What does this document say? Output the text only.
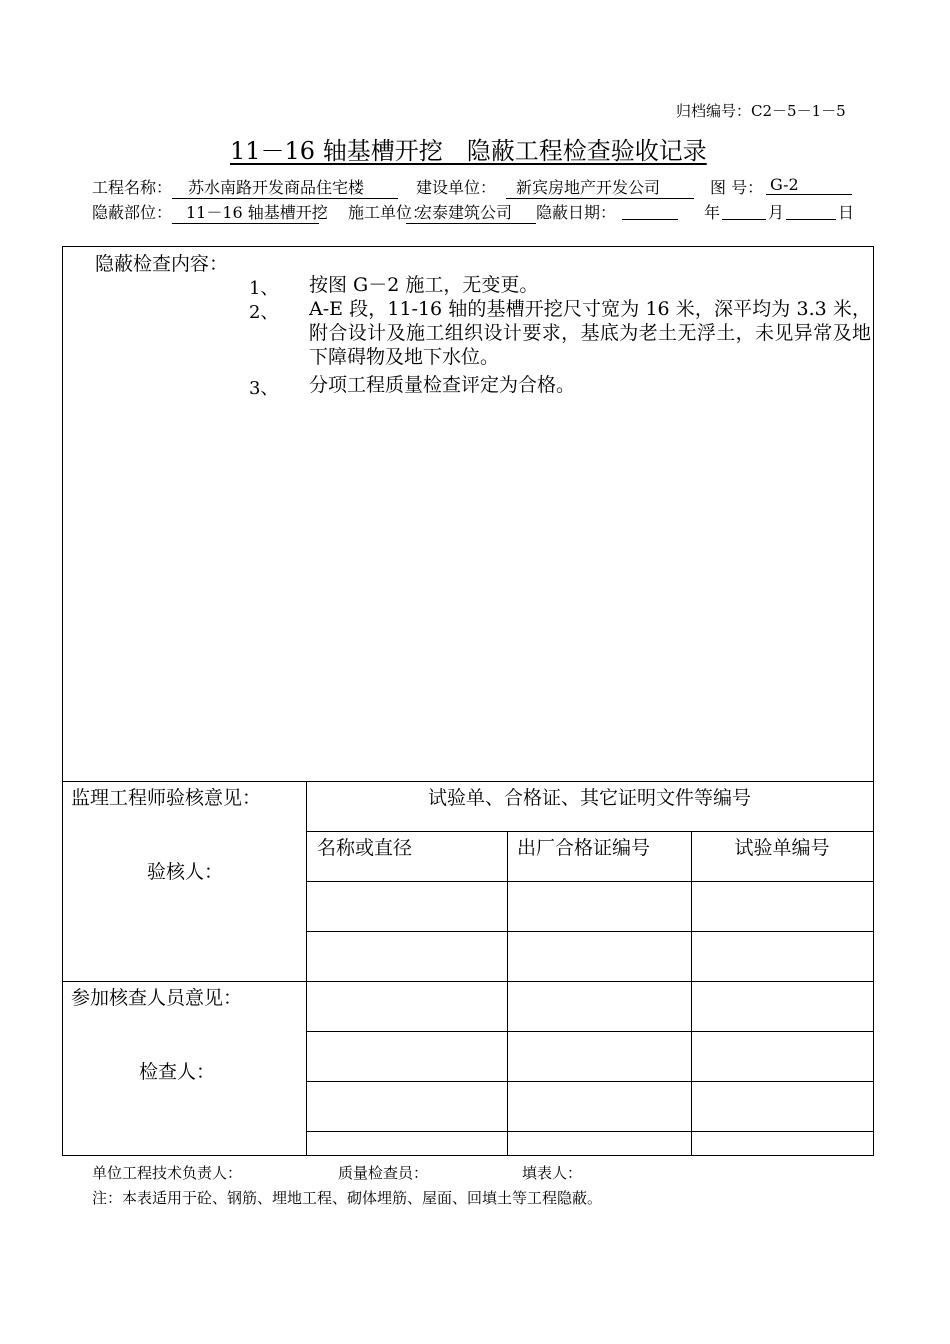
归档编号：C2－5－1－5
11－16 轴基槽开挖　隐蔽工程检查验收记录
工程名称： 苏水南路开发商品住宅楼	建设单位：	新宾房地产开发公司	图 号： G-2
隐蔽部位： 11－16 轴基槽开挖 施工单位：
宏泰建筑公司	隐蔽日期：	年	月	日
隐蔽检查内容：
1、 按图 G－2 施工，无变更。
2、 A-E 段，11-16 轴的基槽开挖尺寸宽为 16 米，深平均为 3.3 米，附合设计及施工组织设计要求，基底为老土无浮土，未见异常及地下障碍物及地下水位。
3、 分项工程质量检查评定为合格。
监理工程师验核意见：
验核人：
试验单、合格证、其它证明文件等编号
名称或直径	出厂合格证编号	试验单编号
参加核查人员意见：
检查人：
单位工程技术负责人：	质量检查员：	填表人：
注：本表适用于砼、钢筋、埋地工程、砌体埋筋、屋面、回填土等工程隐蔽。
